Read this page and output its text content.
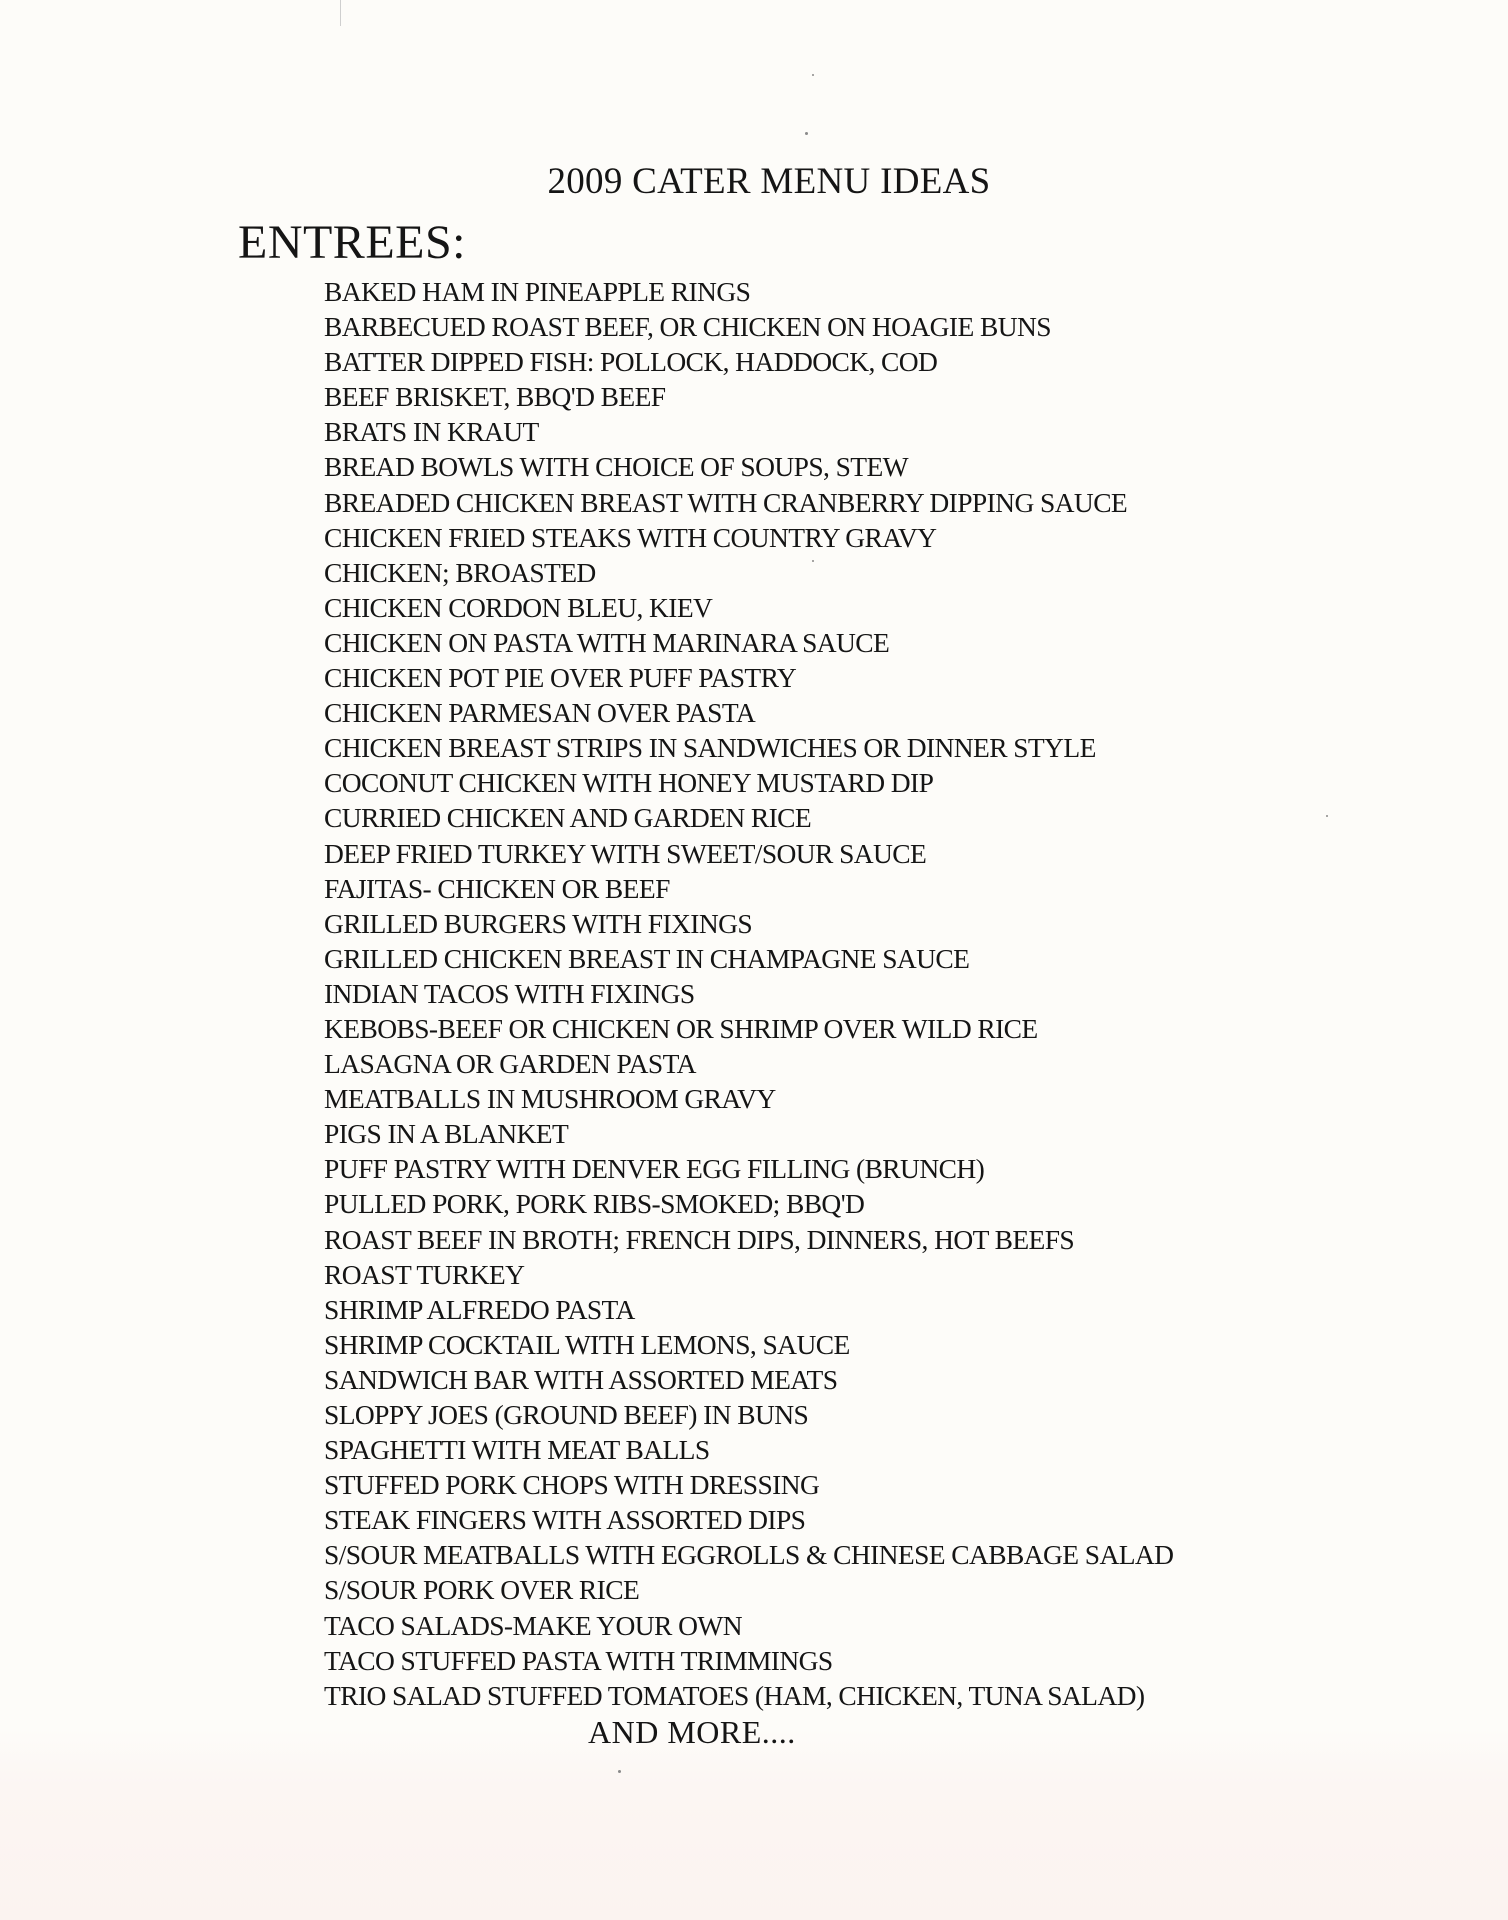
2009 CATER MENU IDEAS
ENTREES:
BAKED HAM IN PINEAPPLE RINGS
BARBECUED ROAST BEEF, OR CHICKEN ON HOAGIE BUNS
BATTER DIPPED FISH: POLLOCK, HADDOCK, COD
BEEF BRISKET, BBQ'D BEEF
BRATS IN KRAUT
BREAD BOWLS WITH CHOICE OF SOUPS, STEW
BREADED CHICKEN BREAST WITH CRANBERRY DIPPING SAUCE
CHICKEN FRIED STEAKS WITH COUNTRY GRAVY
CHICKEN; BROASTED
CHICKEN CORDON BLEU, KIEV
CHICKEN ON PASTA WITH MARINARA SAUCE
CHICKEN POT PIE OVER PUFF PASTRY
CHICKEN PARMESAN OVER PASTA
CHICKEN BREAST STRIPS IN SANDWICHES OR DINNER STYLE
COCONUT CHICKEN WITH HONEY MUSTARD DIP
CURRIED CHICKEN AND GARDEN RICE
DEEP FRIED TURKEY WITH SWEET/SOUR SAUCE
FAJITAS- CHICKEN OR BEEF
GRILLED BURGERS WITH FIXINGS
GRILLED CHICKEN BREAST IN CHAMPAGNE SAUCE
INDIAN TACOS WITH FIXINGS
KEBOBS-BEEF OR CHICKEN OR SHRIMP OVER WILD RICE
LASAGNA OR GARDEN PASTA
MEATBALLS IN MUSHROOM GRAVY
PIGS IN A BLANKET
PUFF PASTRY WITH DENVER EGG FILLING (BRUNCH)
PULLED PORK, PORK RIBS-SMOKED; BBQ'D
ROAST BEEF IN BROTH; FRENCH DIPS, DINNERS, HOT BEEFS
ROAST TURKEY
SHRIMP ALFREDO PASTA
SHRIMP COCKTAIL WITH LEMONS, SAUCE
SANDWICH BAR WITH ASSORTED MEATS
SLOPPY JOES (GROUND BEEF) IN BUNS
SPAGHETTI WITH MEAT BALLS
STUFFED PORK CHOPS WITH DRESSING
STEAK FINGERS WITH ASSORTED DIPS
S/SOUR MEATBALLS WITH EGGROLLS & CHINESE CABBAGE SALAD
S/SOUR PORK OVER RICE
TACO SALADS-MAKE YOUR OWN
TACO STUFFED PASTA WITH TRIMMINGS
TRIO SALAD STUFFED TOMATOES (HAM, CHICKEN, TUNA SALAD)
AND MORE....
